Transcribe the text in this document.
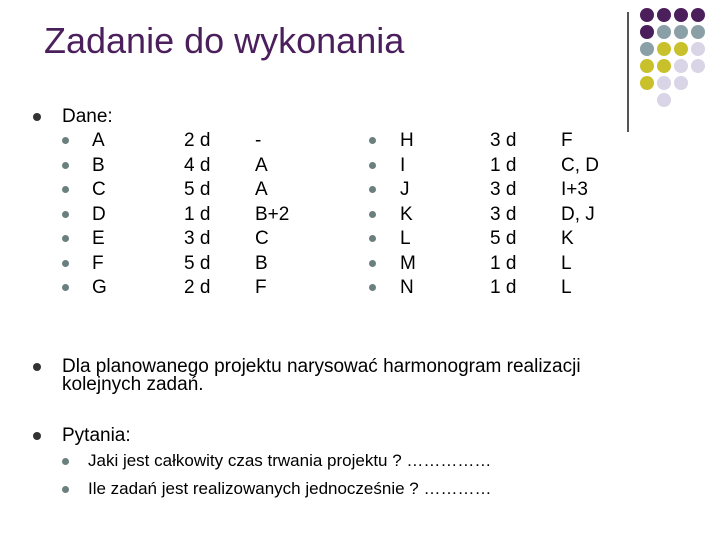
Zadanie do wykonania
Dane:
A	2 d -
B	4 d A
C	5 d A
D	1 d B+2
E	3 d C
F	5 d B
G	2 d F
H	3 d F
I	1 d C, D
J	3 d I+3
K	3 d D, J
L	5 d K
M	1 d L
N	1 d L
Dla planowanego projektu narysować harmonogram realizacji
kolejnych zadań.
Pytania:
Jaki jest całkowity czas trwania projektu ? ……………
Ile zadań jest realizowanych jednocześnie ? …………
